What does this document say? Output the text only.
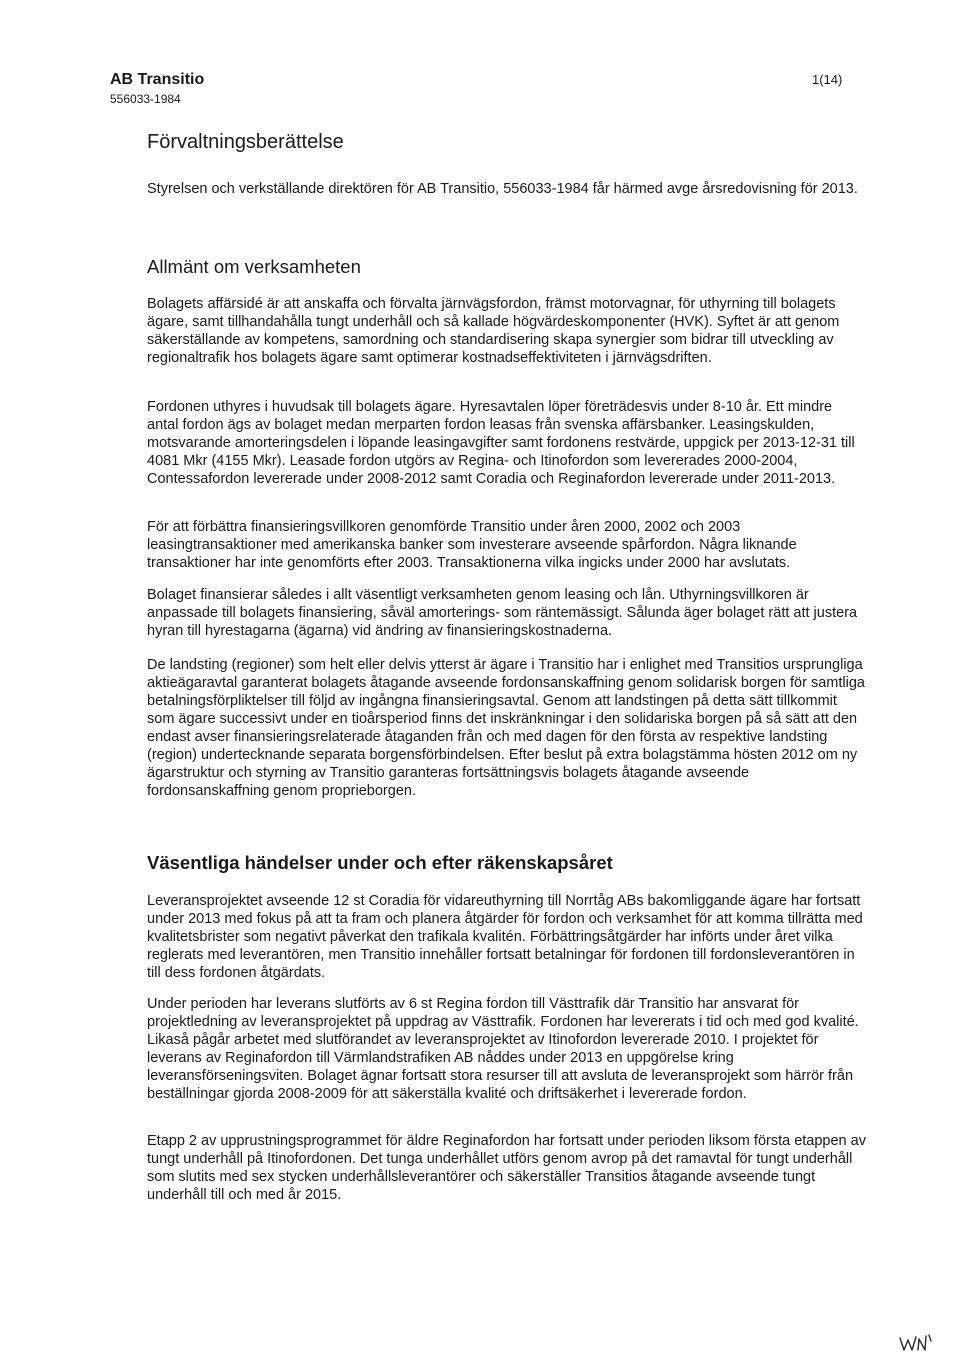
AB Transitio

556033-1984

1(14)

Förvaltningsberättelse

Styrelsen och verkställande direktören för AB Transitio, 556033-1984 får härmed avge årsredovisning för 2013.

Allmänt om verksamheten

Bolagets affärsidé är att anskaffa och förvalta järnvägsfordon, främst motorvagnar, för uthyrning till bolagets ägare, samt tillhandahålla tungt underhåll och så kallade högvärdeskomponenter (HVK). Syftet är att genom säkerställande av kompetens, samordning och standardisering skapa synergier som bidrar till utveckling av regionaltrafik hos bolagets ägare samt optimerar kostnadseffektiviteten i järnvägsdriften.

Fordonen uthyres i huvudsak till bolagets ägare. Hyresavtalen löper företrädesvis under 8-10 år. Ett mindre antal fordon ägs av bolaget medan merparten fordon leasas från svenska affärsbanker. Leasingskulden, motsvarande amorteringsdelen i löpande leasingavgifter samt fordonens restvärde, uppgick per 2013-12-31 till 4081 Mkr (4155 Mkr). Leasade fordon utgörs av Regina- och Itinofordon som levererades 2000-2004, Contessafordon levererade under 2008-2012 samt Coradia och Reginafordon levererade under 2011-2013.

För att förbättra finansieringsvillkoren genomförde Transitio under åren 2000, 2002 och 2003 leasingtransaktioner med amerikanska banker som investerare avseende spårfordon. Några liknande transaktioner har inte genomförts efter 2003. Transaktionerna vilka ingicks under 2000 har avslutats.

Bolaget finansierar således i allt väsentligt verksamheten genom leasing och lån. Uthyrningsvillkoren är anpassade till bolagets finansiering, såväl amorterings- som räntemässigt. Sålunda äger bolaget rätt att justera hyran till hyrestagarna (ägarna) vid ändring av finansieringskostnaderna.

De landsting (regioner) som helt eller delvis ytterst är ägare i Transitio har i enlighet med Transitios ursprungliga aktieägaravtal garanterat bolagets åtagande avseende fordonsanskaffning genom solidarisk borgen för samtliga betalningsförpliktelser till följd av ingångna finansieringsavtal. Genom att landstingen på detta sätt tillkommit som ägare successivt under en tioårsperiod finns det inskränkningar i den solidariska borgen på så sätt att den endast avser finansieringsrelaterade åtaganden från och med dagen för den första av respektive landsting (region) undertecknande separata borgensförbindelsen. Efter beslut på extra bolagstämma hösten 2012 om ny ägarstruktur och styrning av Transitio garanteras fortsättningsvis bolagets åtagande avseende fordonsanskaffning genom proprieborgen.

Väsentliga händelser under och efter räkenskapsåret

Leveransprojektet avseende 12 st Coradia för vidareuthyrning till Norrtåg ABs bakomliggande ägare har fortsatt under 2013 med fokus på att ta fram och planera åtgärder för fordon och verksamhet för att komma tillrätta med kvalitetsbrister som negativt påverkat den trafikala kvalitén. Förbättringsåtgärder har införts under året vilka reglerats med leverantören, men Transitio innehåller fortsatt betalningar för fordonen till fordonsleverantören in till dess fordonen åtgärdats.

Under perioden har leverans slutförts av 6 st Regina fordon till Västtrafik där Transitio har ansvarat för projektledning av leveransprojektet på uppdrag av Västtrafik. Fordonen har levererats i tid och med god kvalité. Likaså pågår arbetet med slutförandet av leveransprojektet av Itinofordon levererade 2010. I projektet för leverans av Reginafordon till Värmlandstrafiken AB nåddes under 2013 en uppgörelse kring leveransförseningsviten. Bolaget ägnar fortsatt stora resurser till att avsluta de leveransprojekt som härrör från beställningar gjorda 2008-2009 för att säkerställa kvalité och driftsäkerhet i levererade fordon.

Etapp 2 av upprustningsprogrammet för äldre Reginafordon har fortsatt under perioden liksom första etappen av tungt underhåll på Itinofordonen. Det tunga underhållet utförs genom avrop på det ramavtal för tungt underhåll som slutits med sex stycken underhållsleverantörer och säkerställer Transitios åtagande avseende tungt underhåll till och med år 2015.
